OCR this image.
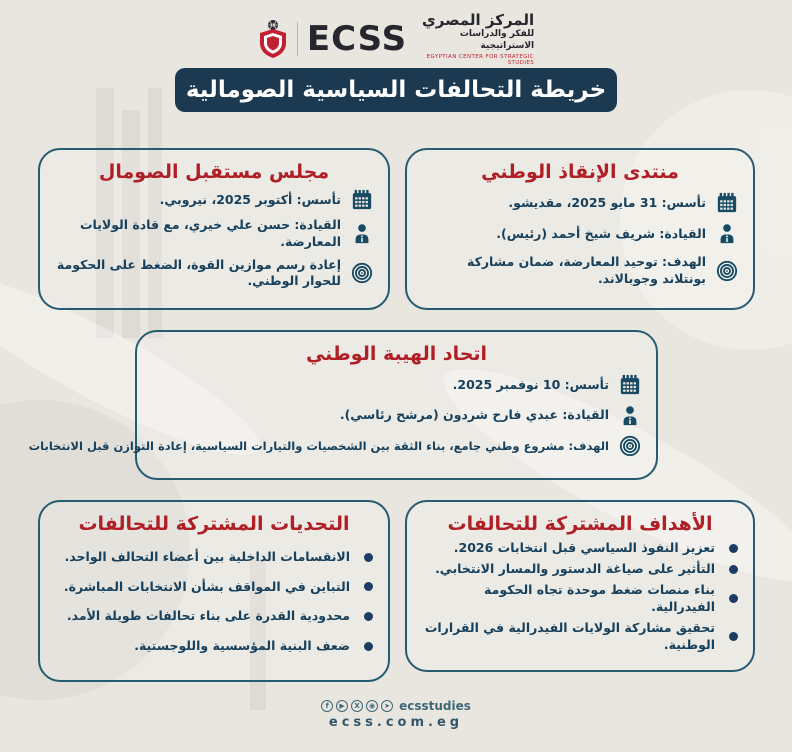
ECSS المركز المصري
للفكر والدراسات الاستراتيجية
EGYPTIAN CENTER FOR STRATEGIC STUDIES
خريطة التحالفات السياسية الصومالية
مجلس مستقبل الصومال
تأسس: أكتوبر 2025، نيروبي.
القيادة: حسن علي خيري، مع قادة الولايات المعارضة.
إعادة رسم موازين القوة، الضغط على الحكومة للحوار الوطني.
منتدى الإنقاذ الوطني
تأسس: 31 مايو 2025، مقديشو.
القيادة: شريف شيخ أحمد (رئيس).
الهدف: توحيد المعارضة، ضمان مشاركة بونتلاند وجوبالاند.
اتحاد الهيبة الوطني
تأسس: 10 نوفمبر 2025.
القيادة: عبدي فارح شردون (مرشح رئاسي).
الهدف: مشروع وطني جامع، بناء الثقة بين الشخصيات والتيارات السياسية، إعادة التوازن قبل الانتخابات
التحديات المشتركة للتحالفات
الانقسامات الداخلية بين أعضاء التحالف الواحد.
التباين في المواقف بشأن الانتخابات المباشرة.
محدودية القدرة على بناء تحالفات طويلة الأمد.
ضعف البنية المؤسسية واللوجستية.
الأهداف المشتركة للتحالفات
تعزيز النفوذ السياسي قبل انتخابات 2026.
التأثير على صياغة الدستور والمسار الانتخابي.
بناء منصات ضغط موحدة تجاه الحكومة الفيدرالية.
تحقيق مشاركة الولايات الفيدرالية في القرارات الوطنية.
f	▶	X	◉	➤ ecsstudies
ecss.com.eg
